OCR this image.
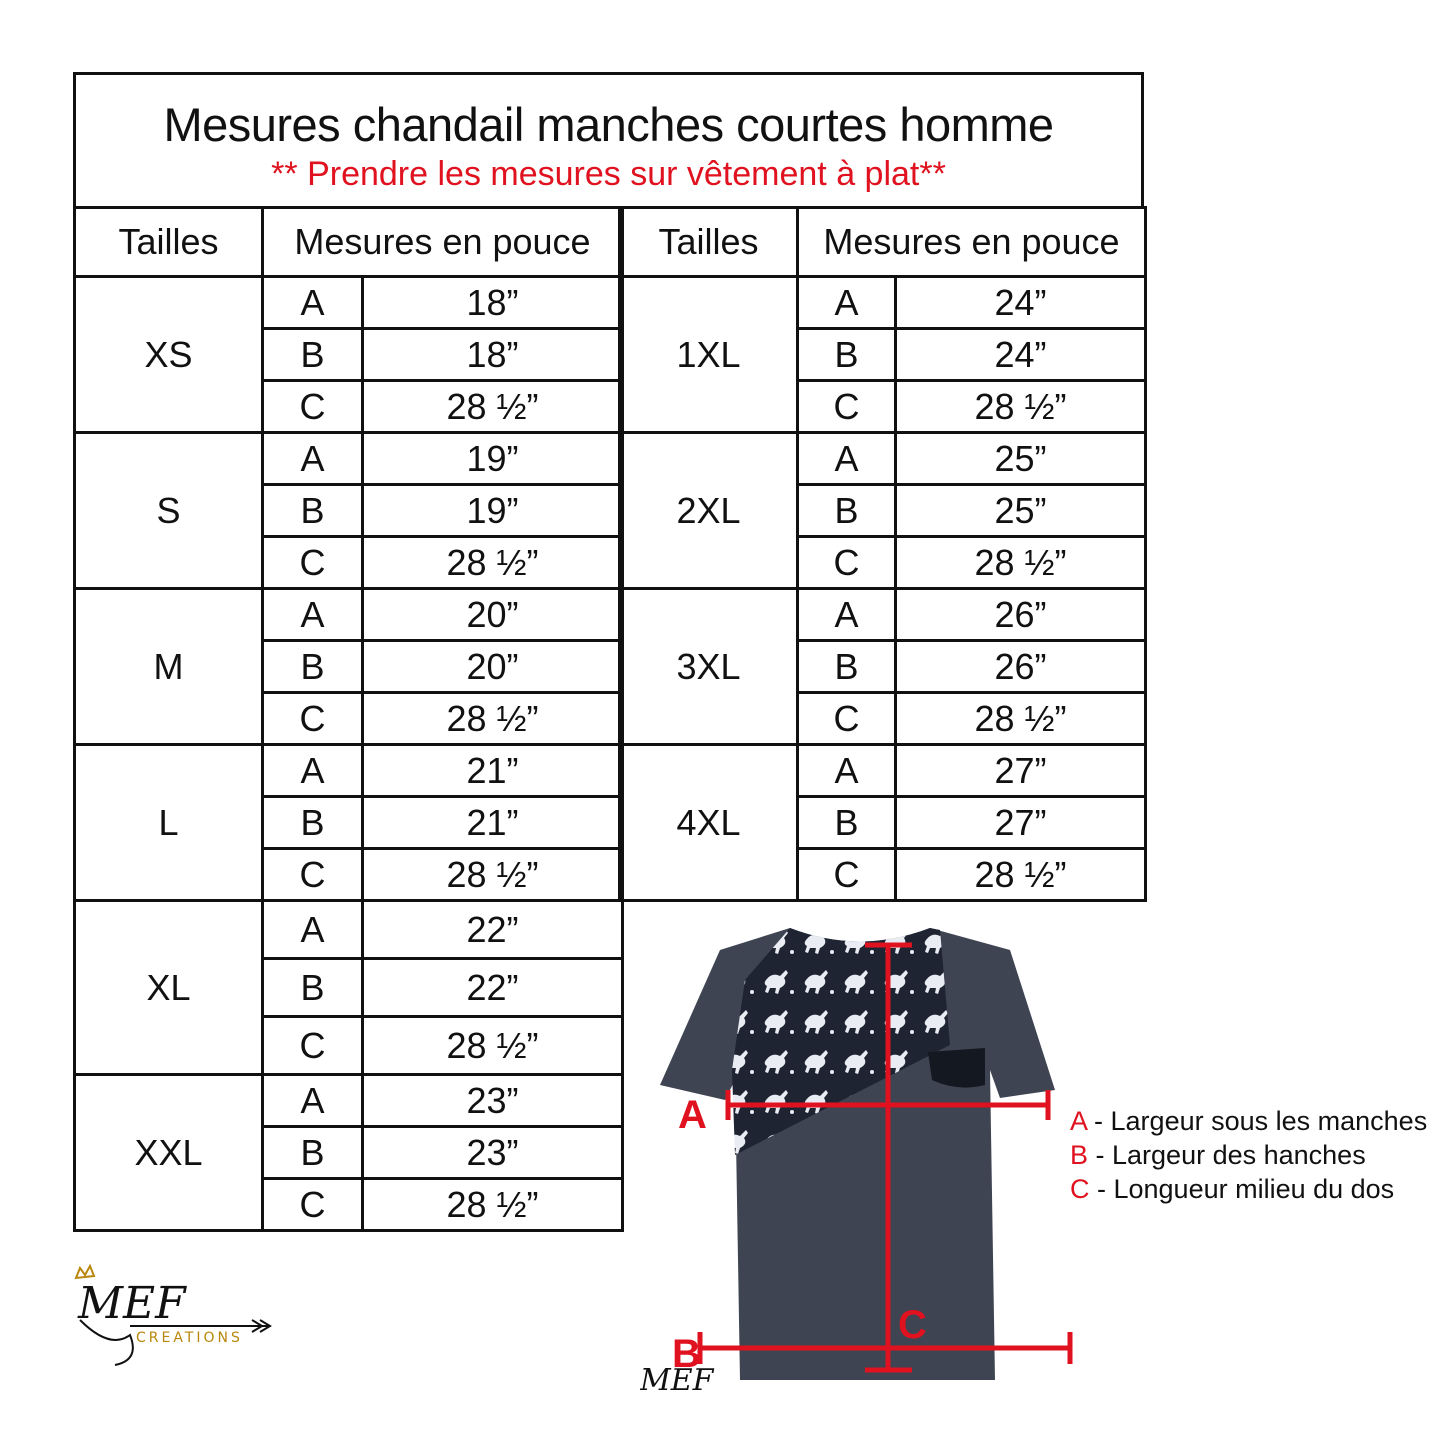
Mesures chandail manches courtes homme
** Prendre les mesures sur vêtement à plat**
Tailles	Mesures en pouce	
XS	A	18”
	B	18”
	C	28 ½”
S	A	19”
	B	19”
	C	28 ½”
M	A	20”
	B	20”
	C	28 ½”
L	A	21”
	B	21”
	C	28 ½”
XL	A	22”
	B	22”
	C	28 ½”
XXL	A	23”
	B	23”
	C	28 ½”
Tailles	Mesures en pouce	
1XL	A	24”
	B	24”
	C	28 ½”
2XL	A	25”
	B	25”
	C	28 ½”
3XL	A	26”
	B	26”
	C	28 ½”
4XL	A	27”
	B	27”
	C	28 ½”
MEF
CREATIONS
A
B
C
MEF
A - Largeur sous les manches
B - Largeur des hanches
C - Longueur milieu du dos
